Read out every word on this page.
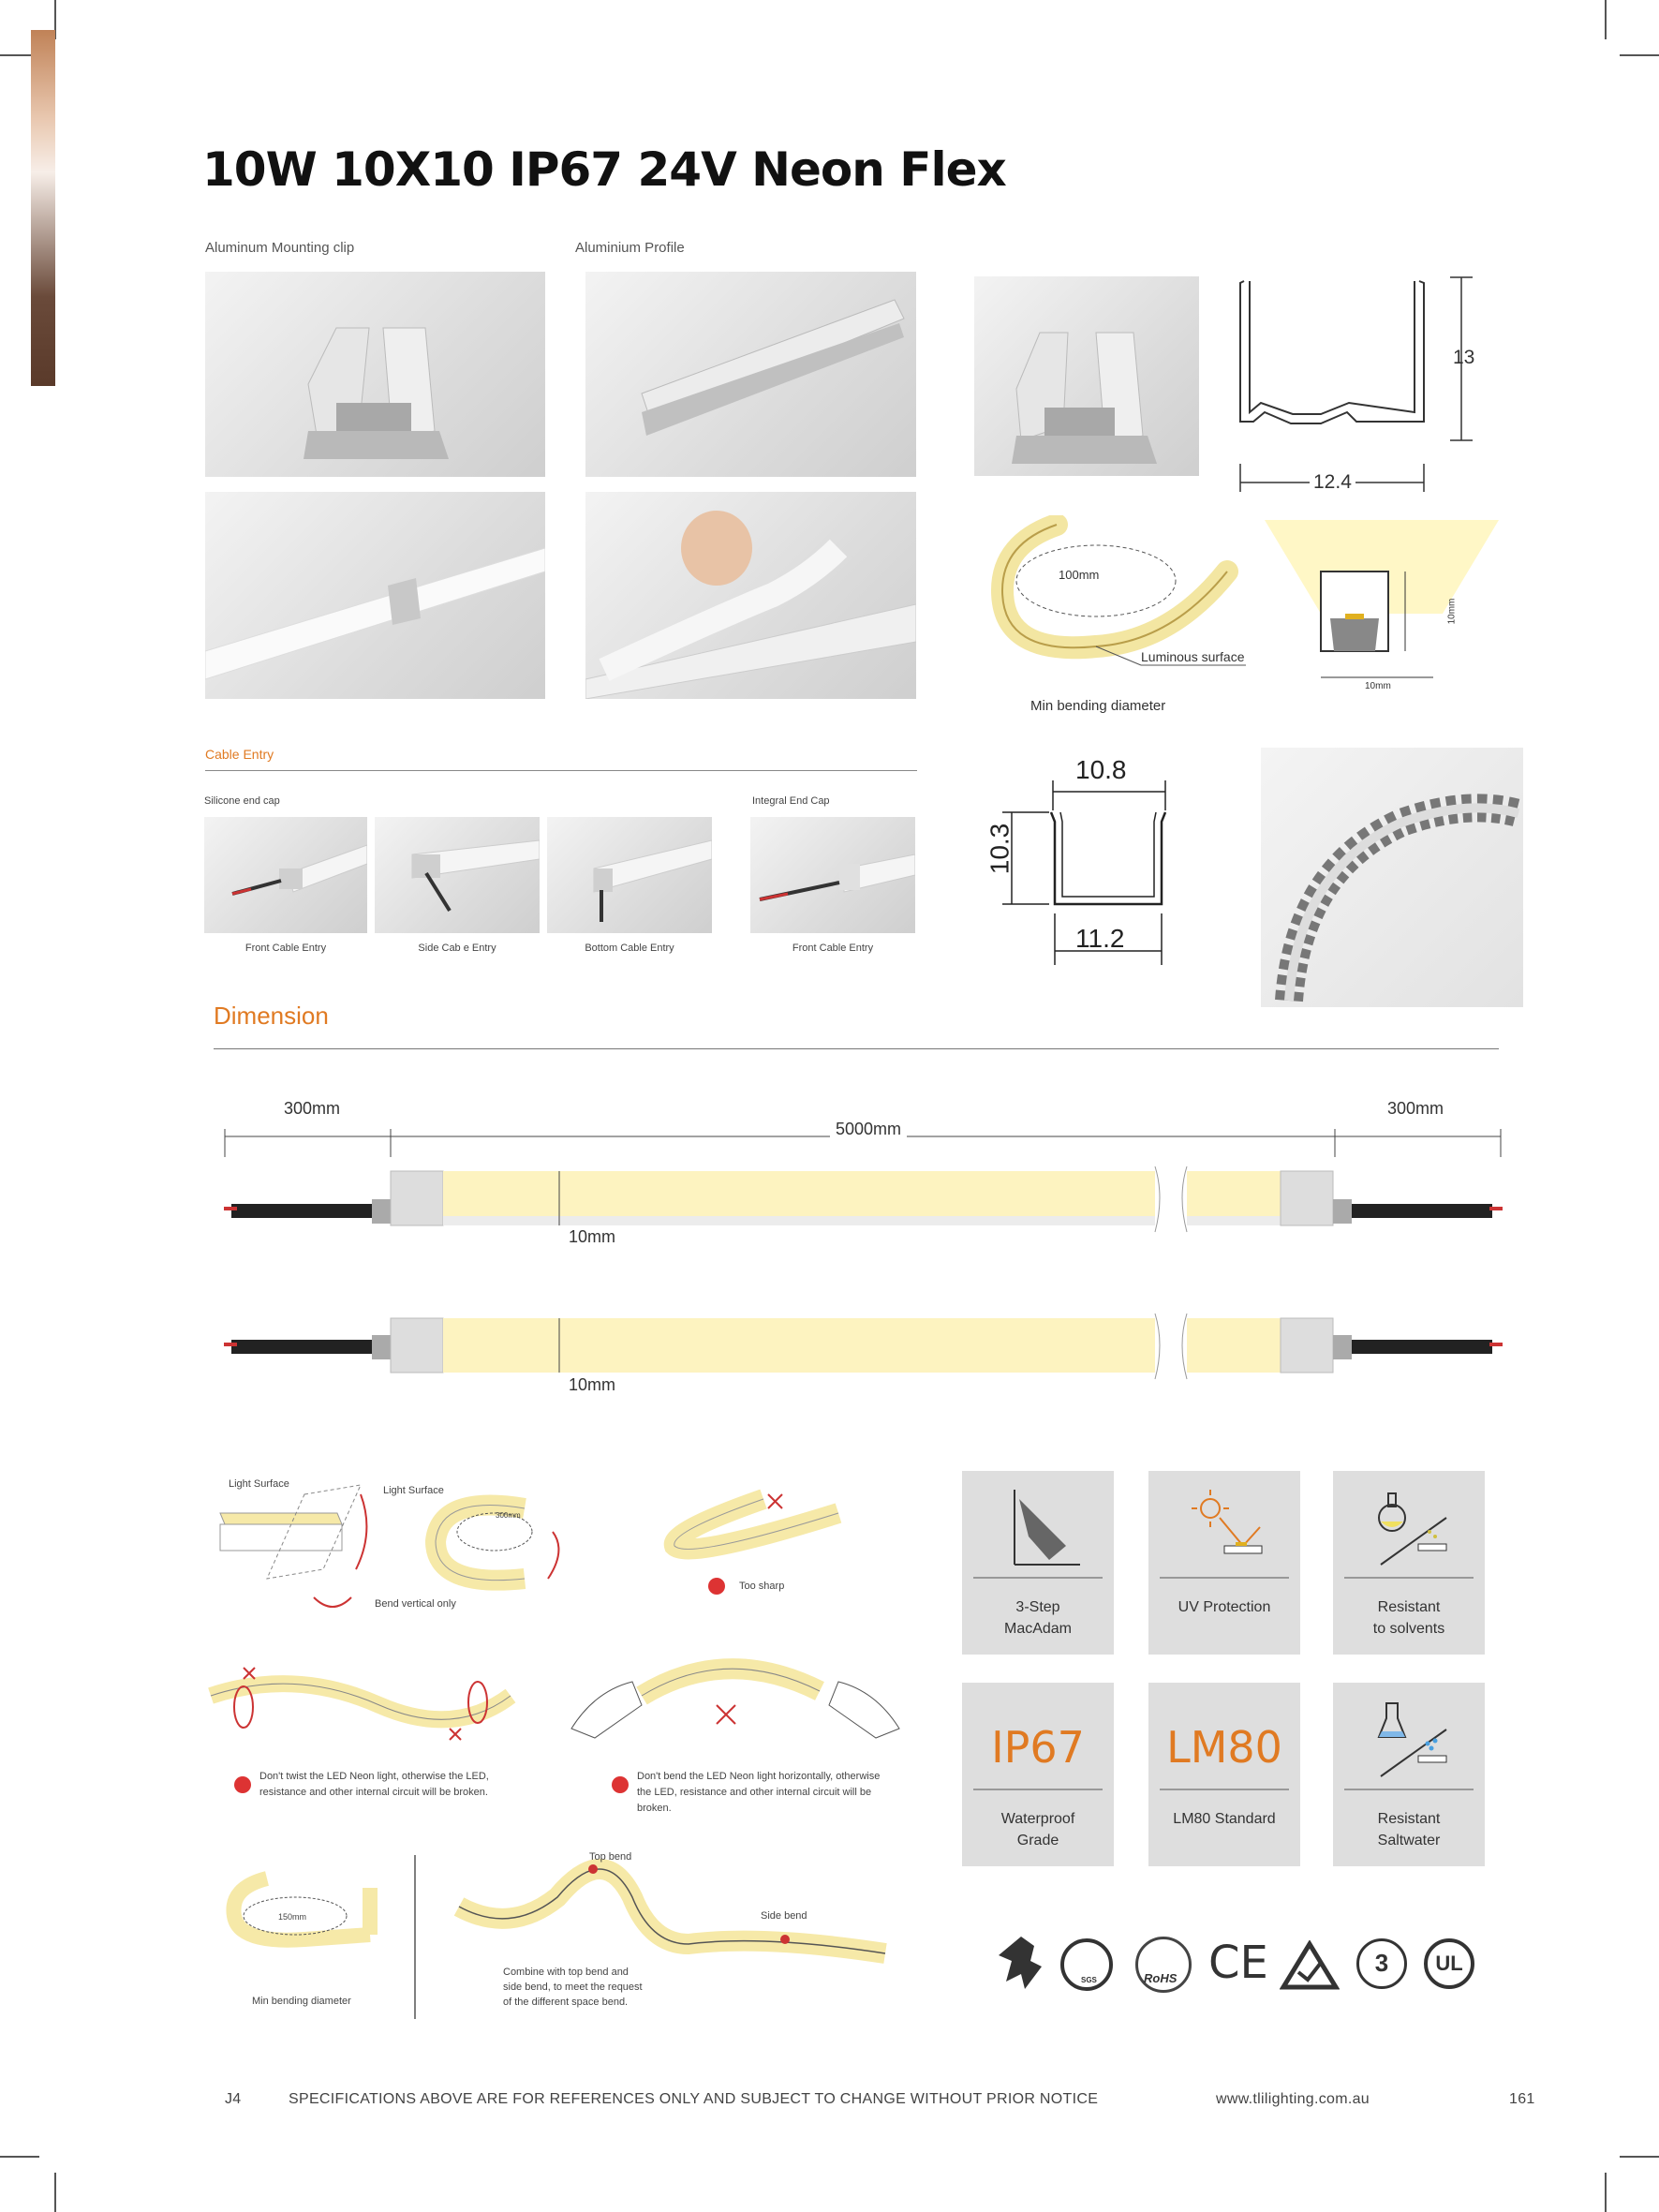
10W 10X10 IP67 24V Neon Flex
Aluminum Mounting clip	Aluminium Profile
13
12.4
100mm
Luminous surface
Min bending diameter
10mm
10mm
Cable Entry
Silicone end cap	Integral End Cap
Front Cable Entry	Side Cab e Entry	Bottom Cable Entry	Front Cable Entry
10.8
10.3
11.2
Dimension
300mm
5000mm
300mm
10mm
10mm
Light Surface
Light Surface
300mm
Bend vertical only
Too sharp
Don't twist the LED Neon light, otherwise the LED, resistance and other internal circuit will be broken.
Don't bend the LED Neon light horizontally, otherwise the LED, resistance and other internal circuit will be broken.
150mm
Min bending diameter
Top bend
Side bend
Combine with top bend and side bend, to meet the request of the different space bend.
3-Step
MacAdam
UV Protection	Resistant
to solvents
IP67
Waterproof
Grade
LM80
LM80 Standard	Resistant
Saltwater
SGS	RoHS CE	3	UL
J4	SPECIFICATIONS ABOVE ARE FOR REFERENCES ONLY AND SUBJECT TO CHANGE WITHOUT PRIOR NOTICE	www.tlilighting.com.au	161
